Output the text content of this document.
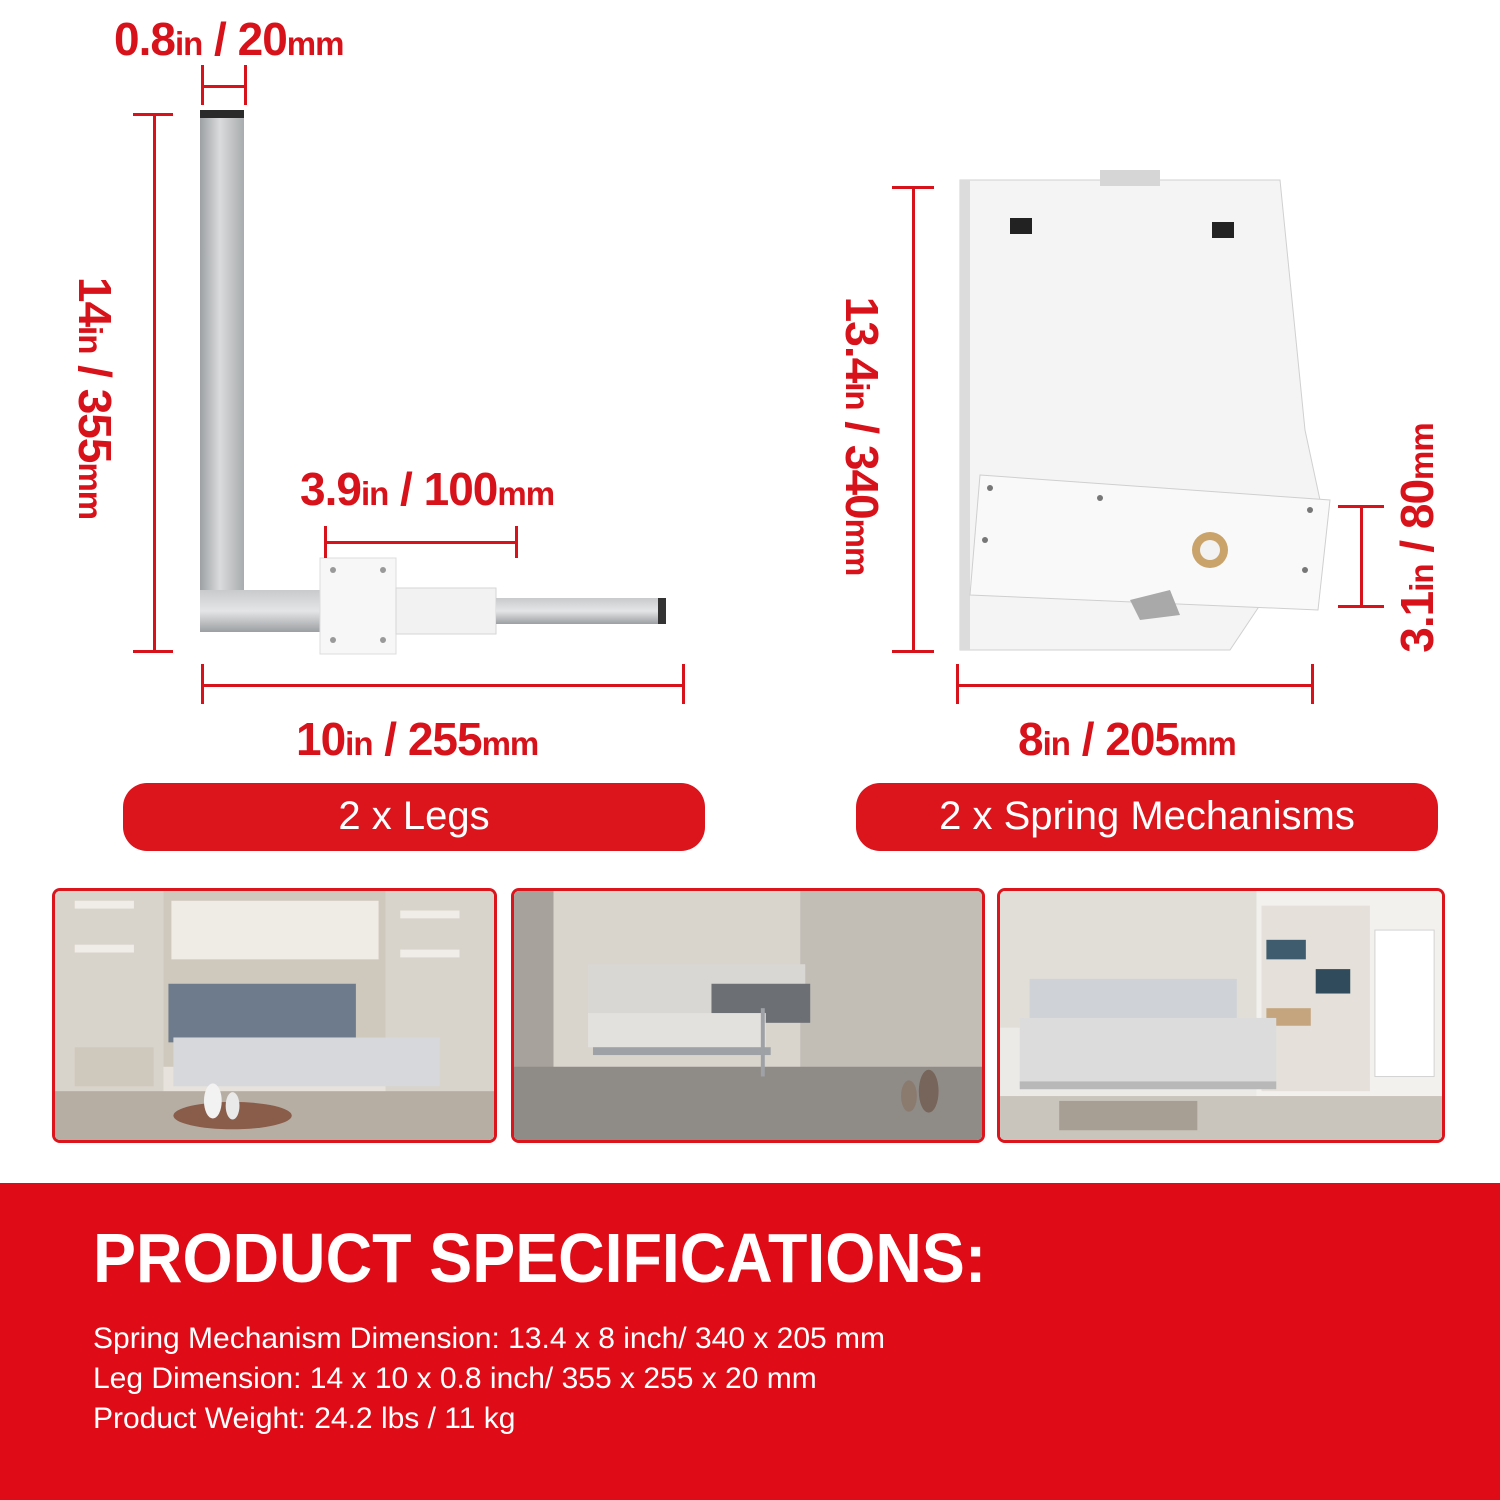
0.8in / 20mm
14in / 355mm	3.9in / 100mm
10in / 255mm
2 x Legs
13.4in / 340mm
3.1in / 80mm
8in / 205mm
2 x Spring Mechanisms
PRODUCT SPECIFICATIONS:
Spring Mechanism Dimension: 13.4 x 8 inch/ 340 x 205 mm
Leg Dimension: 14 x 10 x 0.8 inch/ 355 x 255 x 20 mm
Product Weight: 24.2 lbs / 11 kg
